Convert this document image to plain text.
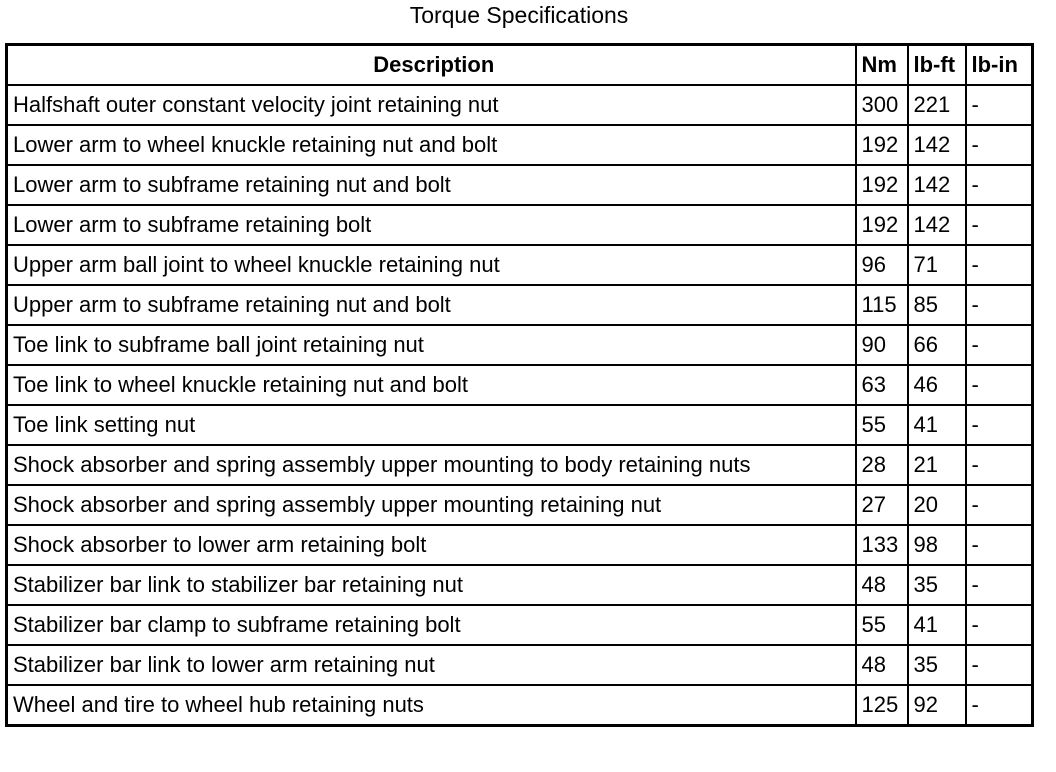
Torque Specifications
Description	Nm	lb-ft	lb-in
Halfshaft outer constant velocity joint retaining nut	300	221	-
Lower arm to wheel knuckle retaining nut and bolt	192	142	-
Lower arm to subframe retaining nut and bolt	192	142	-
Lower arm to subframe retaining bolt	192	142	-
Upper arm ball joint to wheel knuckle retaining nut	96	71	-
Upper arm to subframe retaining nut and bolt	115	85	-
Toe link to subframe ball joint retaining nut	90	66	-
Toe link to wheel knuckle retaining nut and bolt	63	46	-
Toe link setting nut	55	41	-
Shock absorber and spring assembly upper mounting to body retaining nuts	28	21	-
Shock absorber and spring assembly upper mounting retaining nut	27	20	-
Shock absorber to lower arm retaining bolt	133	98	-
Stabilizer bar link to stabilizer bar retaining nut	48	35	-
Stabilizer bar clamp to subframe retaining bolt	55	41	-
Stabilizer bar link to lower arm retaining nut	48	35	-
Wheel and tire to wheel hub retaining nuts	125	92	-
